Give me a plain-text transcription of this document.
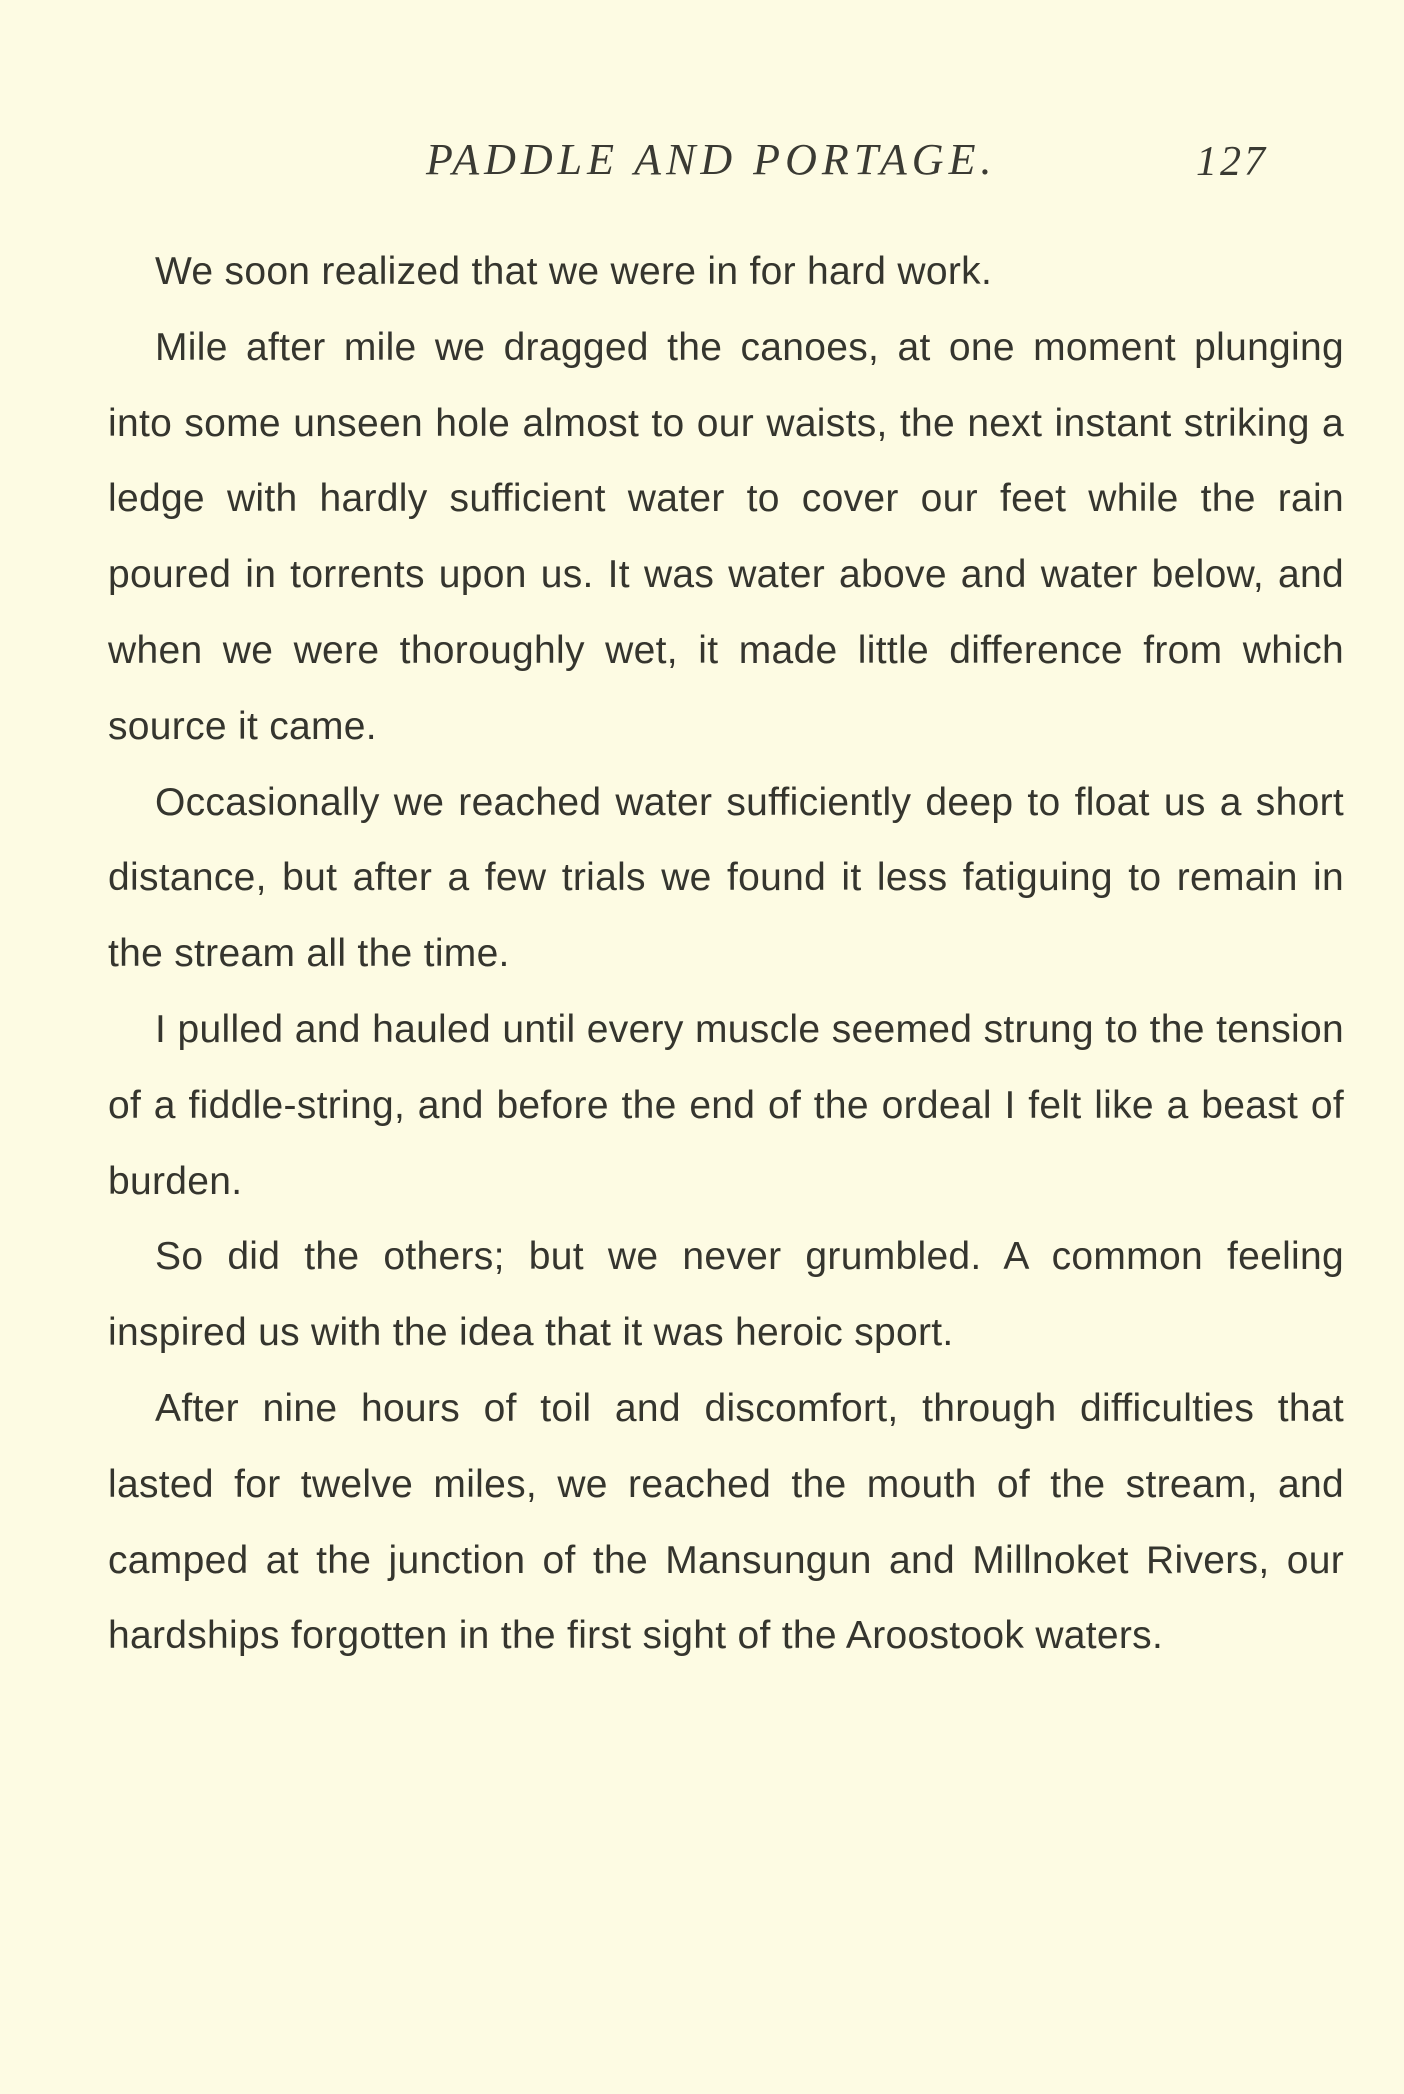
PADDLE AND PORTAGE.	127

We soon realized that we were in for hard work.

Mile after mile we dragged the canoes, at one moment plunging into some unseen hole almost to our waists, the next instant striking a ledge with hardly sufficient water to cover our feet while the rain poured in torrents upon us. It was water above and water below, and when we were thoroughly wet, it made little difference from which source it came.

Occasionally we reached water sufficiently deep to float us a short distance, but after a few trials we found it less fatiguing to remain in the stream all the time.

I pulled and hauled until every muscle seemed strung to the tension of a fiddle-string, and before the end of the ordeal I felt like a beast of burden.

So did the others; but we never grumbled. A common feeling inspired us with the idea that it was heroic sport.

After nine hours of toil and discomfort, through difficulties that lasted for twelve miles, we reached the mouth of the stream, and camped at the junction of the Mansungun and Millnoket Rivers, our hardships forgotten in the first sight of the Aroostook waters.
